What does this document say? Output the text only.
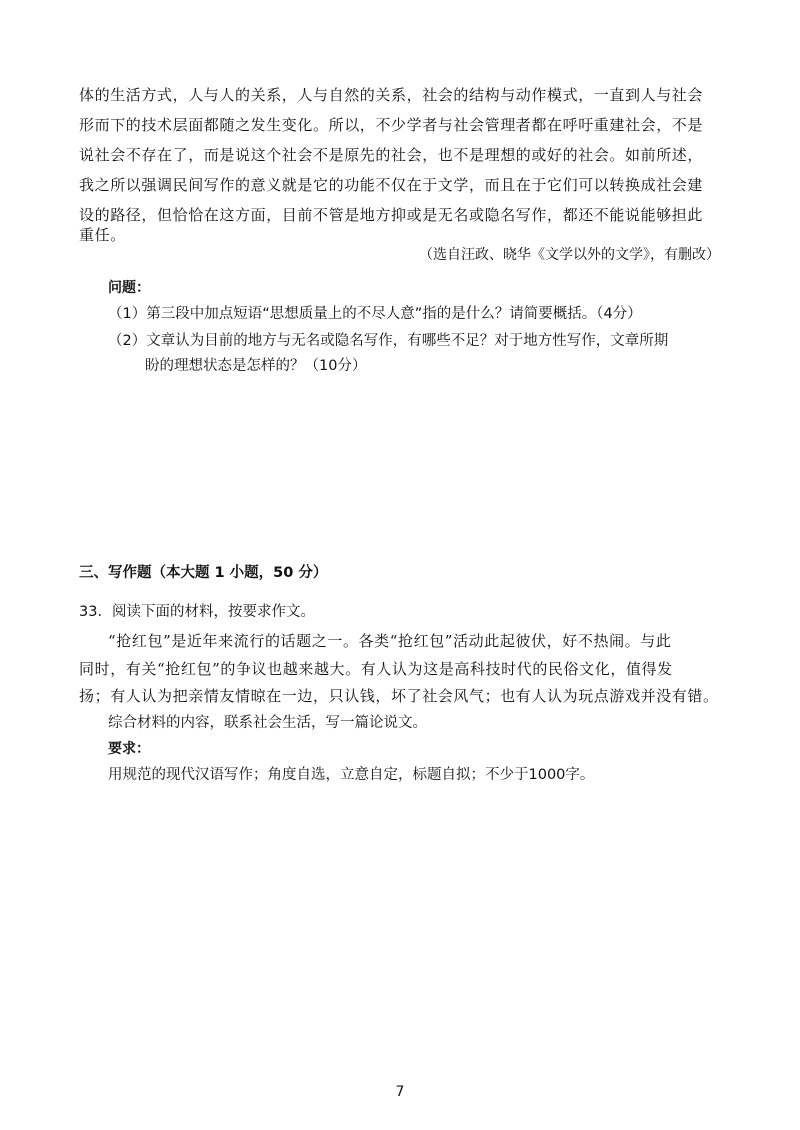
体的生活方式，人与人的关系，人与自然的关系，社会的结构与动作模式，一直到人与社会
形而下的技术层面都随之发生变化。所以，不少学者与社会管理者都在呼吁重建社会，不是
说社会不存在了，而是说这个社会不是原先的社会，也不是理想的或好的社会。如前所述，
我之所以强调民间写作的意义就是它的功能不仅在于文学，而且在于它们可以转换成社会建
设的路径，但恰恰在这方面，目前不管是地方抑或是无名或隐名写作，都还不能说能够担此
重任。
（选自汪政、晓华《文学以外的文学》，有删改）
问题：
（1）第三段中加点短语“思想质量上的不尽人意”指的是什么？请简要概括。（4分）
（2）文章认为目前的地方与无名或隐名写作，有哪些不足？对于地方性写作，文章所期
盼的理想状态是怎样的？（10分）
三、写作题（本大题 1 小题，50 分）
33．阅读下面的材料，按要求作文。
“抢红包”是近年来流行的话题之一。各类“抢红包”活动此起彼伏，好不热闹。与此
同时，有关“抢红包”的争议也越来越大。有人认为这是高科技时代的民俗文化，值得发
扬；有人认为把亲情友情晾在一边，只认钱，坏了社会风气；也有人认为玩点游戏并没有错。
综合材料的内容，联系社会生活，写一篇论说文。
要求：
用规范的现代汉语写作；角度自选，立意自定，标题自拟；不少于1000字。
7
